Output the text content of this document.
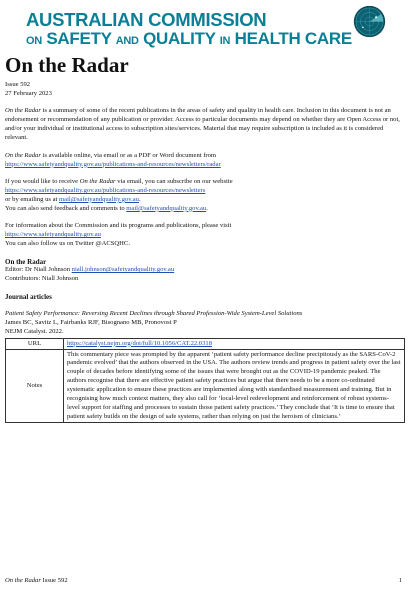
AUSTRALIAN COMMISSION
ON SAFETY AND QUALITY IN HEALTH CARE
On the Radar

Issue 592

27 February 2023

On the Radar is a summary of some of the recent publications in the areas of safety and quality in health care. Inclusion in this document is not an endorsement or recommendation of any publication or provider. Access to particular documents may depend on whether they are Open Access or not, and/or your individual or institutional access to subscription sites/services. Material that may require subscription is included as it is considered relevant.

On the Radar is available online, via email or as a PDF or Word document from

https://www.safetyandquality.gov.au/publications-and-resources/newsletters/radar

If you would like to receive On the Radar via email, you can subscribe on our website

https://www.safetyandquality.gov.au/publications-and-resources/newsletters

or by emailing us at mail@safetyandquality.gov.au.

You can also send feedback and comments to mail@safetyandquality.gov.au.

For information about the Commission and its programs and publications, please visit

https://www.safetyandquality.gov.au

You can also follow us on Twitter @ACSQHC.

On the Radar

Editor: Dr Niall Johnson niall.johnson@safetyandquality.gov.au

Contributors: Niall Johnson

Journal articles

Patient Safety Performance: Reversing Recent Declines through Shared Profession-Wide System-Level Solutions

James BC, Savitz L, Fairbanks RJF, Bisognano MB, Pronovost P

NEJM Catalyst. 2022.

URL	https://catalyst.nejm.org/doi/full/10.1056/CAT.22.0318
Notes	This commentary piece was prompted by the apparent ‘patient safety performance decline precipitously as the SARS-CoV-2 pandemic evolved’ that the authors observed in the USA. The authors review trends and progress in patient safety over the last couple of decades before identifying some of the issues that were brought out as the COVID-19 pandemic peaked. The authors recognise that there are effective patient safety practices but argue that there needs to be a more co-ordinated systematic application to ensure these practices are implemented along with standardised measurement and training. But in recognising how much context matters, they also call for ‘local-level redevelopment and reinforcement of robust systems-level support for staffing and processes to sustain those patient safety practices.’ They conclude that ‘It is time to ensure that patient safety builds on the design of safe systems, rather than relying on just the heroism of clinicians.’
On the Radar Issue 592	1
